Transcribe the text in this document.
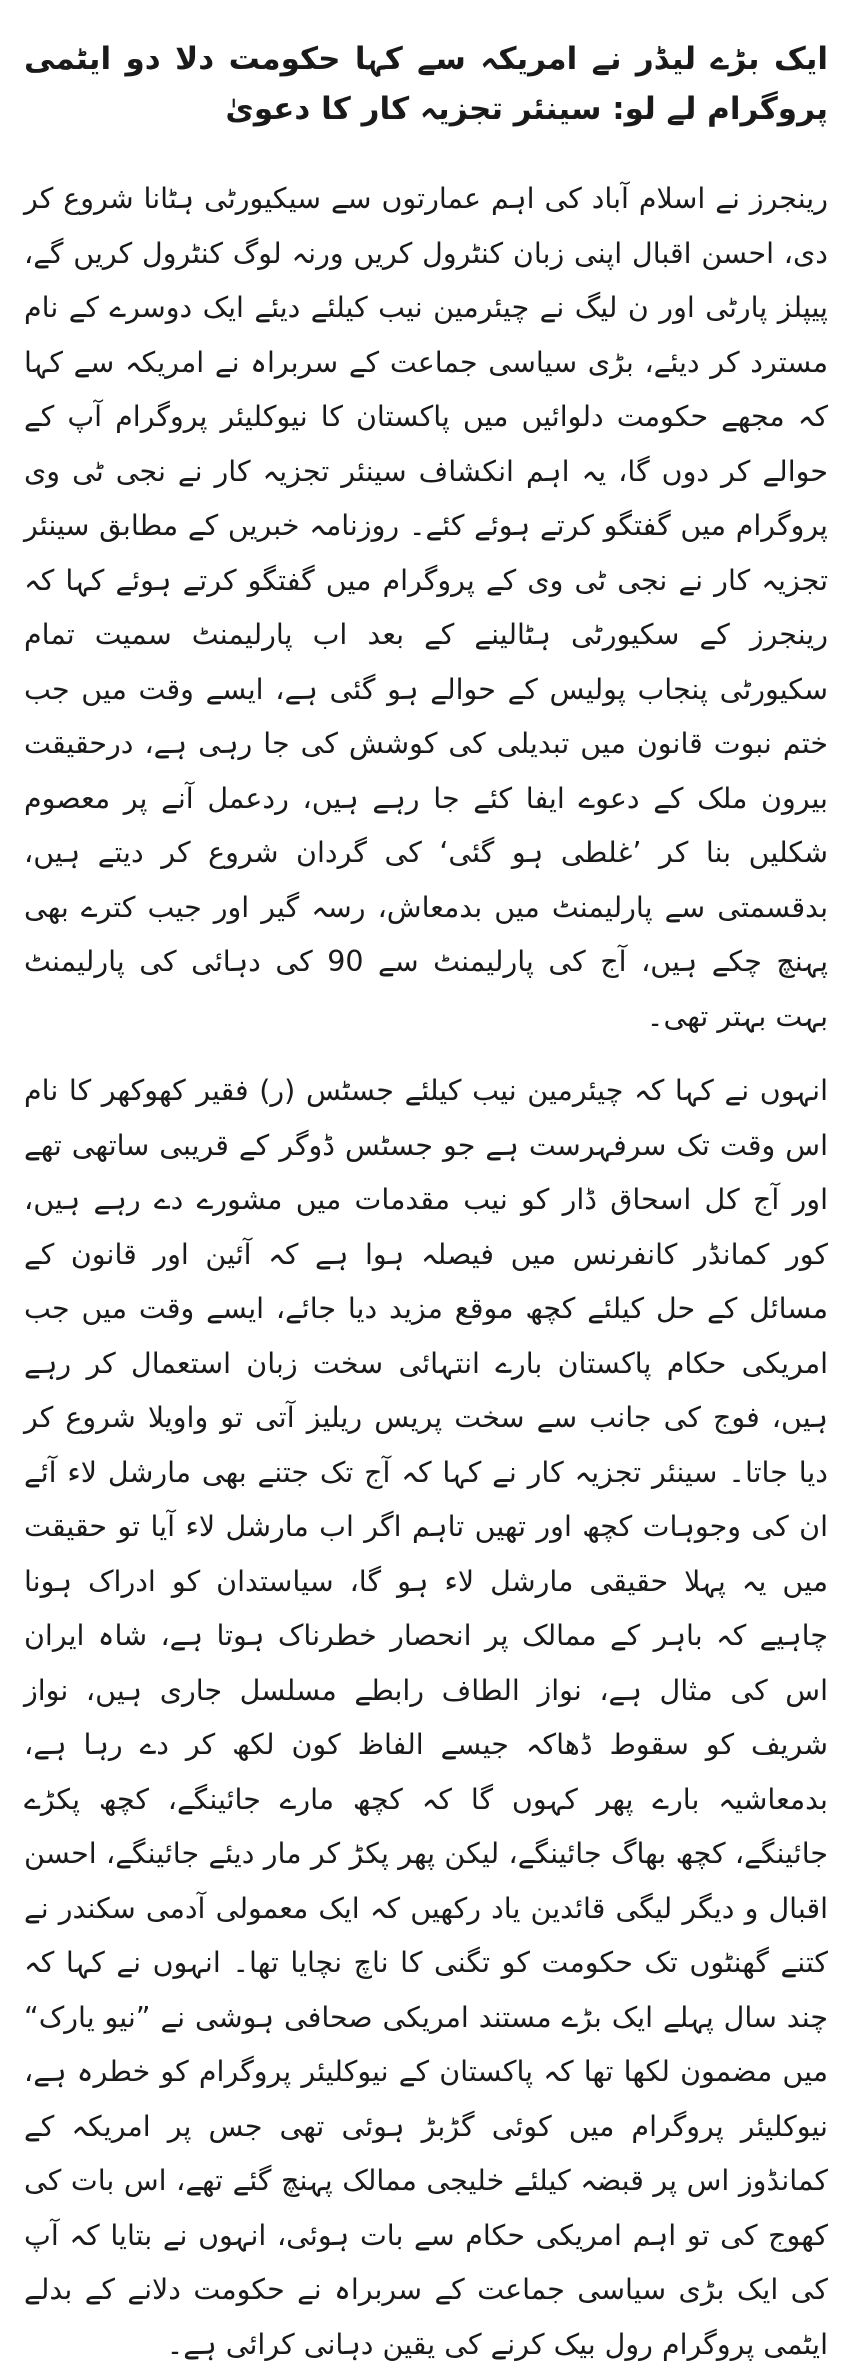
ایک بڑے لیڈر نے امریکہ سے کہا حکومت دلا دو ایٹمی پروگرام لے لو: سینئر تجزیہ کار کا دعویٰ

رینجرز نے اسلام آباد کی اہم عمارتوں سے سیکیورٹی ہٹانا شروع کر دی، احسن اقبال اپنی زبان کنٹرول کریں ورنہ لوگ کنٹرول کریں گے، پیپلز پارٹی اور ن لیگ نے چیئرمین نیب کیلئے دیئے ایک دوسرے کے نام مسترد کر دیئے، بڑی سیاسی جماعت کے سربراہ نے امریکہ سے کہا کہ مجھے حکومت دلوائیں میں پاکستان کا نیوکلیئر پروگرام آپ کے حوالے کر دوں گا، یہ اہم انکشاف سینئر تجزیہ کار نے نجی ٹی وی پروگرام میں گفتگو کرتے ہوئے کئے۔ روزنامہ خبریں کے مطابق سینئر تجزیہ کار نے نجی ٹی وی کے پروگرام میں گفتگو کرتے ہوئے کہا کہ رینجرز کے سکیورٹی ہٹالینے کے بعد اب پارلیمنٹ سمیت تمام سکیورٹی پنجاب پولیس کے حوالے ہو گئی ہے، ایسے وقت میں جب ختم نبوت قانون میں تبدیلی کی کوشش کی جا رہی ہے، درحقیقت بیرون ملک کے دعوے ایفا کئے جا رہے ہیں، ردعمل آنے پر معصوم شکلیں بنا کر ’غلطی ہو گئی‘ کی گردان شروع کر دیتے ہیں، بدقسمتی سے پارلیمنٹ میں بدمعاش، رسہ گیر اور جیب کترے بھی پہنچ چکے ہیں، آج کی پارلیمنٹ سے 90 کی دہائی کی پارلیمنٹ بہت بہتر تھی۔

انہوں نے کہا کہ چیئرمین نیب کیلئے جسٹس (ر) فقیر کھوکھر کا نام اس وقت تک سرفہرست ہے جو جسٹس ڈوگر کے قریبی ساتھی تھے اور آج کل اسحاق ڈار کو نیب مقدمات میں مشورے دے رہے ہیں، کور کمانڈر کانفرنس میں فیصلہ ہوا ہے کہ آئین اور قانون کے مسائل کے حل کیلئے کچھ موقع مزید دیا جائے، ایسے وقت میں جب امریکی حکام پاکستان بارے انتہائی سخت زبان استعمال کر رہے ہیں، فوج کی جانب سے سخت پریس ریلیز آتی تو واویلا شروع کر دیا جاتا۔ سینئر تجزیہ کار نے کہا کہ آج تک جتنے بھی مارشل لاء آئے ان کی وجوہات کچھ اور تھیں تاہم اگر اب مارشل لاء آیا تو حقیقت میں یہ پہلا حقیقی مارشل لاء ہو گا، سیاستدان کو ادراک ہونا چاہیے کہ باہر کے ممالک پر انحصار خطرناک ہوتا ہے، شاہ ایران اس کی مثال ہے، نواز الطاف رابطے مسلسل جاری ہیں، نواز شریف کو سقوط ڈھاکہ جیسے الفاظ کون لکھ کر دے رہا ہے، بدمعاشیہ بارے پھر کہوں گا کہ کچھ مارے جائینگے، کچھ پکڑے جائینگے، کچھ بھاگ جائینگے، لیکن پھر پکڑ کر مار دیئے جائینگے، احسن اقبال و دیگر لیگی قائدین یاد رکھیں کہ ایک معمولی آدمی سکندر نے کتنے گھنٹوں تک حکومت کو تگنی کا ناچ نچایا تھا۔ انہوں نے کہا کہ چند سال پہلے ایک بڑے مستند امریکی صحافی ہوشی نے ”نیو یارک“ میں مضمون لکھا تھا کہ پاکستان کے نیوکلیئر پروگرام کو خطرہ ہے، نیوکلیئر پروگرام میں کوئی گڑبڑ ہوئی تھی جس پر امریکہ کے کمانڈوز اس پر قبضہ کیلئے خلیجی ممالک پہنچ گئے تھے، اس بات کی کھوج کی تو اہم امریکی حکام سے بات ہوئی، انہوں نے بتایا کہ آپ کی ایک بڑی سیاسی جماعت کے سربراہ نے حکومت دلانے کے بدلے ایٹمی پروگرام رول بیک کرنے کی یقین دہانی کرائی ہے۔
